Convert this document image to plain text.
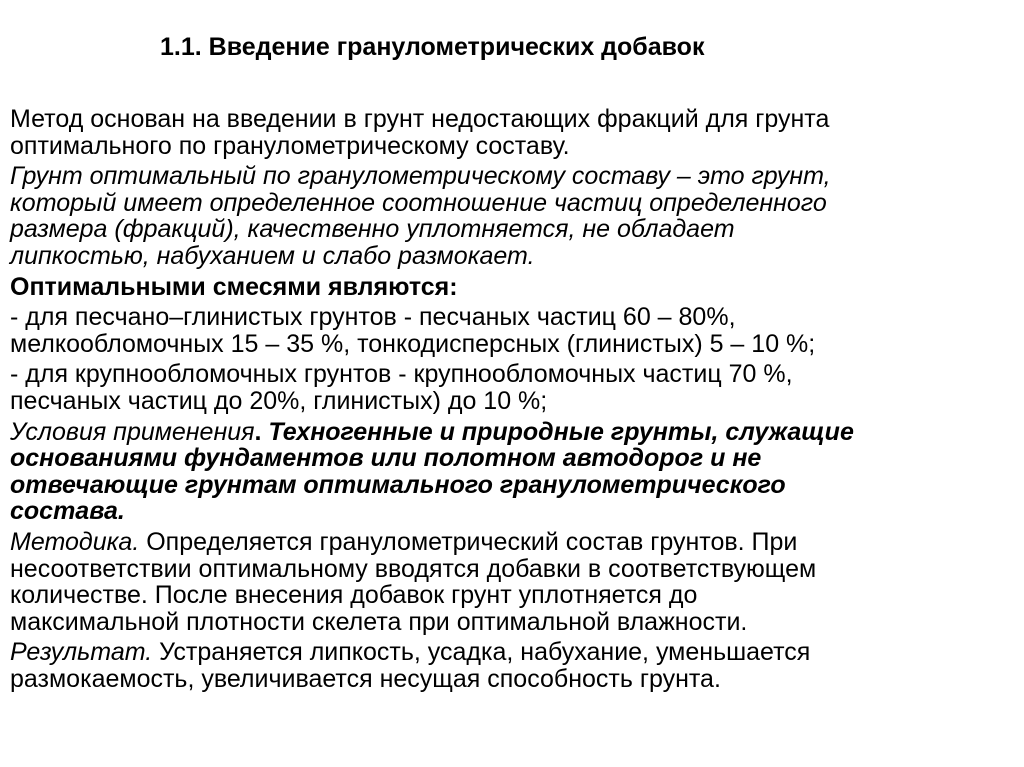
1.1. Введение гранулометрических добавок
Метод основан на введении в грунт недостающих фракций для грунта
оптимального по гранулометрическому составу.
Грунт оптимальный по гранулометрическому составу – это грунт,
который имеет определенное соотношение частиц определенного
размера (фракций), качественно уплотняется, не обладает
липкостью, набуханием и слабо размокает.
Оптимальными смесями являются:
- для песчано–глинистых грунтов - песчаных частиц 60 – 80%,
мелкообломочных 15 – 35 %, тонкодисперсных (глинистых) 5 – 10 %;
- для крупнообломочных грунтов - крупнообломочных частиц 70 %,
песчаных частиц до 20%, глинистых) до 10 %;
Условия применения. Техногенные и природные грунты, служащие
основаниями фундаментов или полотном автодорог и не
отвечающие грунтам оптимального гранулометрического
состава.
Методика. Определяется гранулометрический состав грунтов. При
несоответствии оптимальному вводятся добавки в соответствующем
количестве. После внесения добавок грунт уплотняется до
максимальной плотности скелета при оптимальной влажности.
Результат. Устраняется липкость, усадка, набухание, уменьшается
размокаемость, увеличивается несущая способность грунта.
